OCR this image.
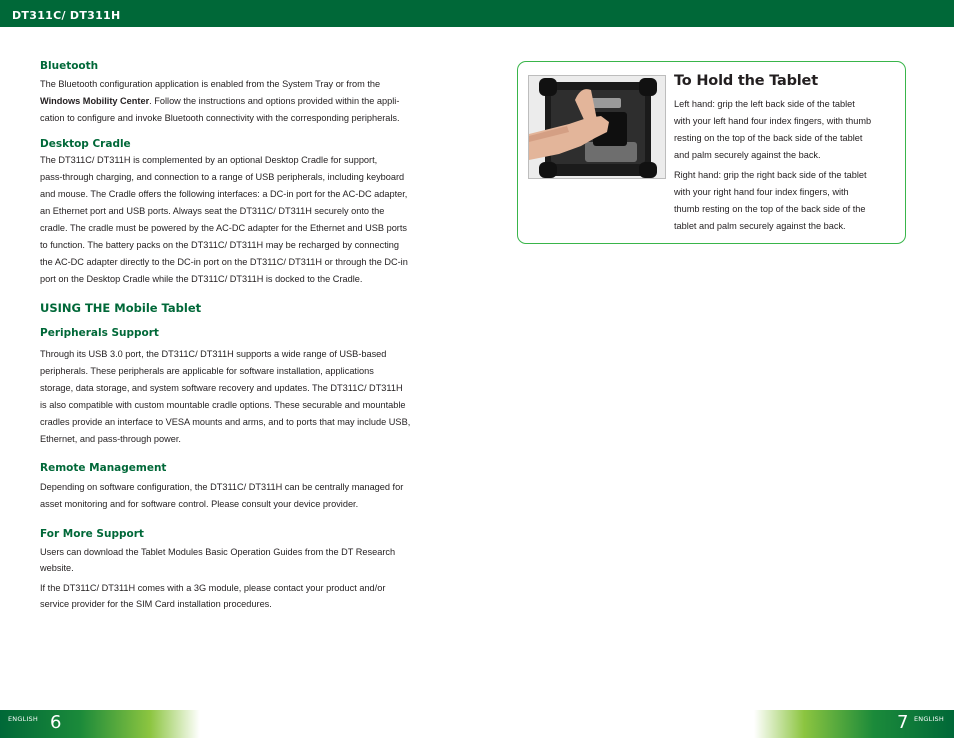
DT311C/ DT311H
Bluetooth
The Bluetooth configuration application is enabled from the System Tray or from the
Windows Mobility Center. Follow the instructions and options provided within the appli-
cation to configure and invoke Bluetooth connectivity with the corresponding peripherals.
Desktop Cradle
The DT311C/ DT311H is complemented by an optional Desktop Cradle for support,
pass-through charging, and connection to a range of USB peripherals, including keyboard
and mouse. The Cradle offers the following interfaces: a DC-in port for the AC-DC adapter,
an Ethernet port and USB ports. Always seat the DT311C/ DT311H securely onto the
cradle. The cradle must be powered by the AC-DC adapter for the Ethernet and USB ports
to function. The battery packs on the DT311C/ DT311H may be recharged by connecting
the AC-DC adapter directly to the DC-in port on the DT311C/ DT311H or through the DC-in
port on the Desktop Cradle while the DT311C/ DT311H is docked to the Cradle.
USING THE Mobile Tablet
Peripherals Support
Through its USB 3.0 port, the DT311C/ DT311H supports a wide range of USB-based
peripherals. These peripherals are applicable for software installation, applications
storage, data storage, and system software recovery and updates. The DT311C/ DT311H
is also compatible with custom mountable cradle options. These securable and mountable
cradles provide an interface to VESA mounts and arms, and to ports that may include USB,
Ethernet, and pass-through power.
Remote Management
Depending on software configuration, the DT311C/ DT311H can be centrally managed for
asset monitoring and for software control. Please consult your device provider.
For More Support
Users can download the Tablet Modules Basic Operation Guides from the DT Research
website.
If the DT311C/ DT311H comes with a 3G module, please contact your product and/or
service provider for the SIM Card installation procedures.
To Hold the Tablet
Left hand: grip the left back side of the tablet
with your left hand four index fingers, with thumb
resting on the top of the back side of the tablet
and palm securely against the back.
Right hand: grip the right back side of the tablet
with your right hand four index fingers, with
thumb resting on the top of the back side of the
tablet and palm securely against the back.
ENGLISH 6	7 ENGLISH
